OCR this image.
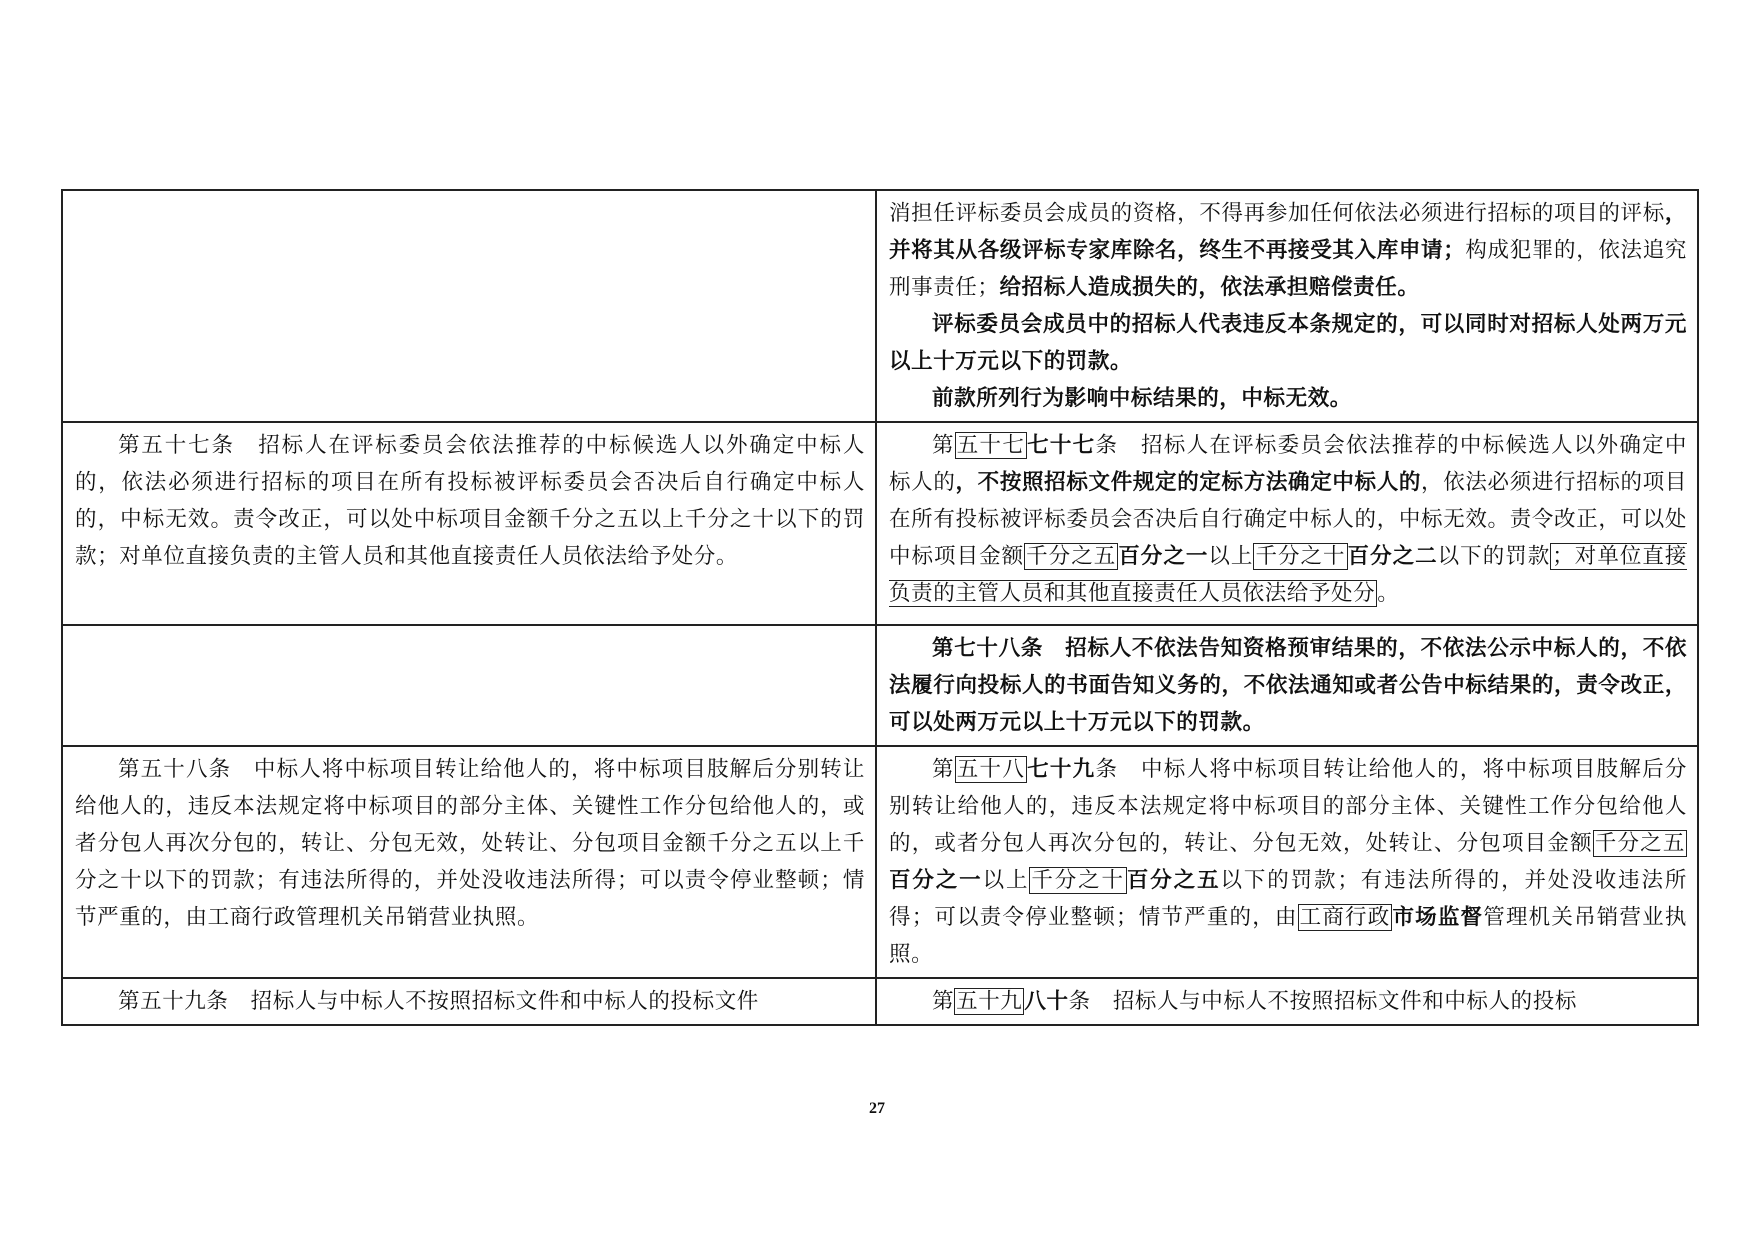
	消担任评标委员会成员的资格，不得再参加任何依法必须进行招标的项目的评标，并将其从各级评标专家库除名，终生不再接受其入库申请；构成犯罪的，依法追究刑事责任；给招标人造成损失的，依法承担赔偿责任。

评标委员会成员中的招标人代表违反本条规定的，可以同时对招标人处两万元以上十万元以下的罚款。

前款所列行为影响中标结果的，中标无效。

第五十七条　招标人在评标委员会依法推荐的中标候选人以外确定中标人的，依法必须进行招标的项目在所有投标被评标委员会否决后自行确定中标人的，中标无效。责令改正，可以处中标项目金额千分之五以上千分之十以下的罚款；对单位直接负责的主管人员和其他直接责任人员依法给予处分。	第五十七七十七条　招标人在评标委员会依法推荐的中标候选人以外确定中标人的，不按照招标文件规定的定标方法确定中标人的，依法必须进行招标的项目在所有投标被评标委员会否决后自行确定中标人的，中标无效。责令改正，可以处中标项目金额千分之五百分之一以上千分之十百分之二以下的罚款；对单位直接负责的主管人员和其他直接责任人员依法给予处分。

	第七十八条　招标人不依法告知资格预审结果的，不依法公示中标人的，不依法履行向投标人的书面告知义务的，不依法通知或者公告中标结果的，责令改正，可以处两万元以上十万元以下的罚款。

第五十八条　中标人将中标项目转让给他人的，将中标项目肢解后分别转让给他人的，违反本法规定将中标项目的部分主体、关键性工作分包给他人的，或者分包人再次分包的，转让、分包无效，处转让、分包项目金额千分之五以上千分之十以下的罚款；有违法所得的，并处没收违法所得；可以责令停业整顿；情节严重的，由工商行政管理机关吊销营业执照。	第五十八七十九条　中标人将中标项目转让给他人的，将中标项目肢解后分别转让给他人的，违反本法规定将中标项目的部分主体、关键性工作分包给他人的，或者分包人再次分包的，转让、分包无效，处转让、分包项目金额千分之五百分之一以上千分之十百分之五以下的罚款；有违法所得的，并处没收违法所得；可以责令停业整顿；情节严重的，由工商行政市场监督管理机关吊销营业执照。

第五十九条　招标人与中标人不按照招标文件和中标人的投标文件	第五十九八十条　招标人与中标人不按照招标文件和中标人的投标

27
